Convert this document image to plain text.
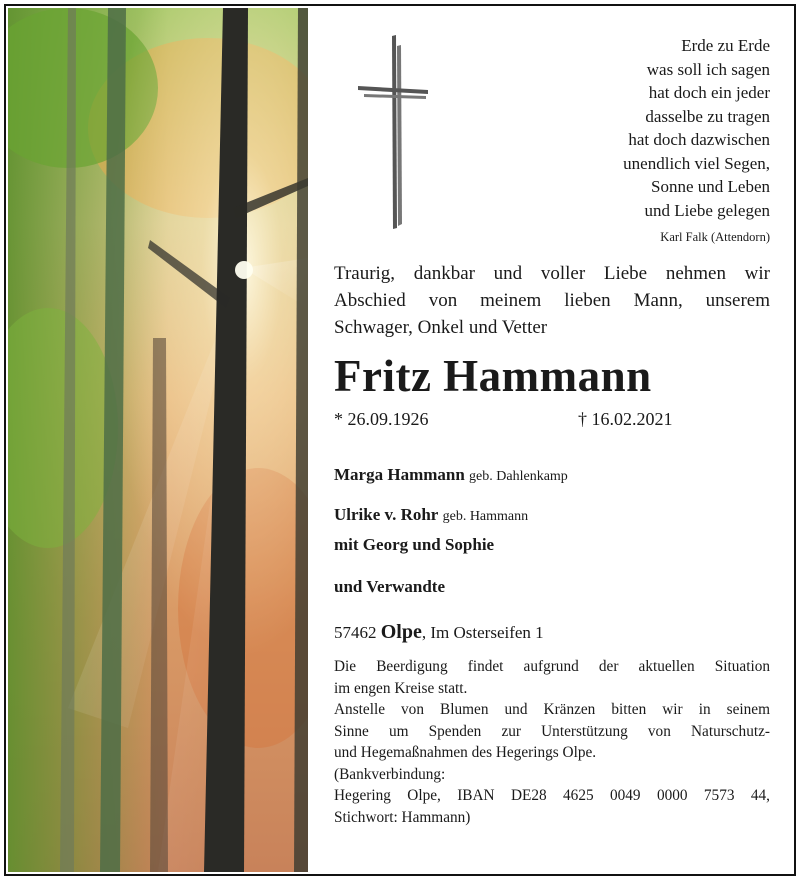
Erde zu Erde
was soll ich sagen
hat doch ein jeder
dasselbe zu tragen
hat doch dazwischen
unendlich viel Segen,
Sonne und Leben
und Liebe gelegen
Karl Falk (Attendorn)
Traurig, dankbar und voller Liebe nehmen wir
Abschied von meinem lieben Mann, unserem
Schwager, Onkel und Vetter
Fritz Hammann
* 26.09.1926	† 16.02.2021
Marga Hammann geb. Dahlenkamp
Ulrike v. Rohr geb. Hammann
mit Georg und Sophie
und Verwandte
57462 Olpe, Im Osterseifen 1
Die Beerdigung findet aufgrund der aktuellen Situation
im engen Kreise statt.
Anstelle von Blumen und Kränzen bitten wir in seinem
Sinne um Spenden zur Unterstützung von Naturschutz-
und Hegemaßnahmen des Hegerings Olpe.
(Bankverbindung:
Hegering Olpe, IBAN DE28 4625 0049 0000 7573 44,
Stichwort: Hammann)
